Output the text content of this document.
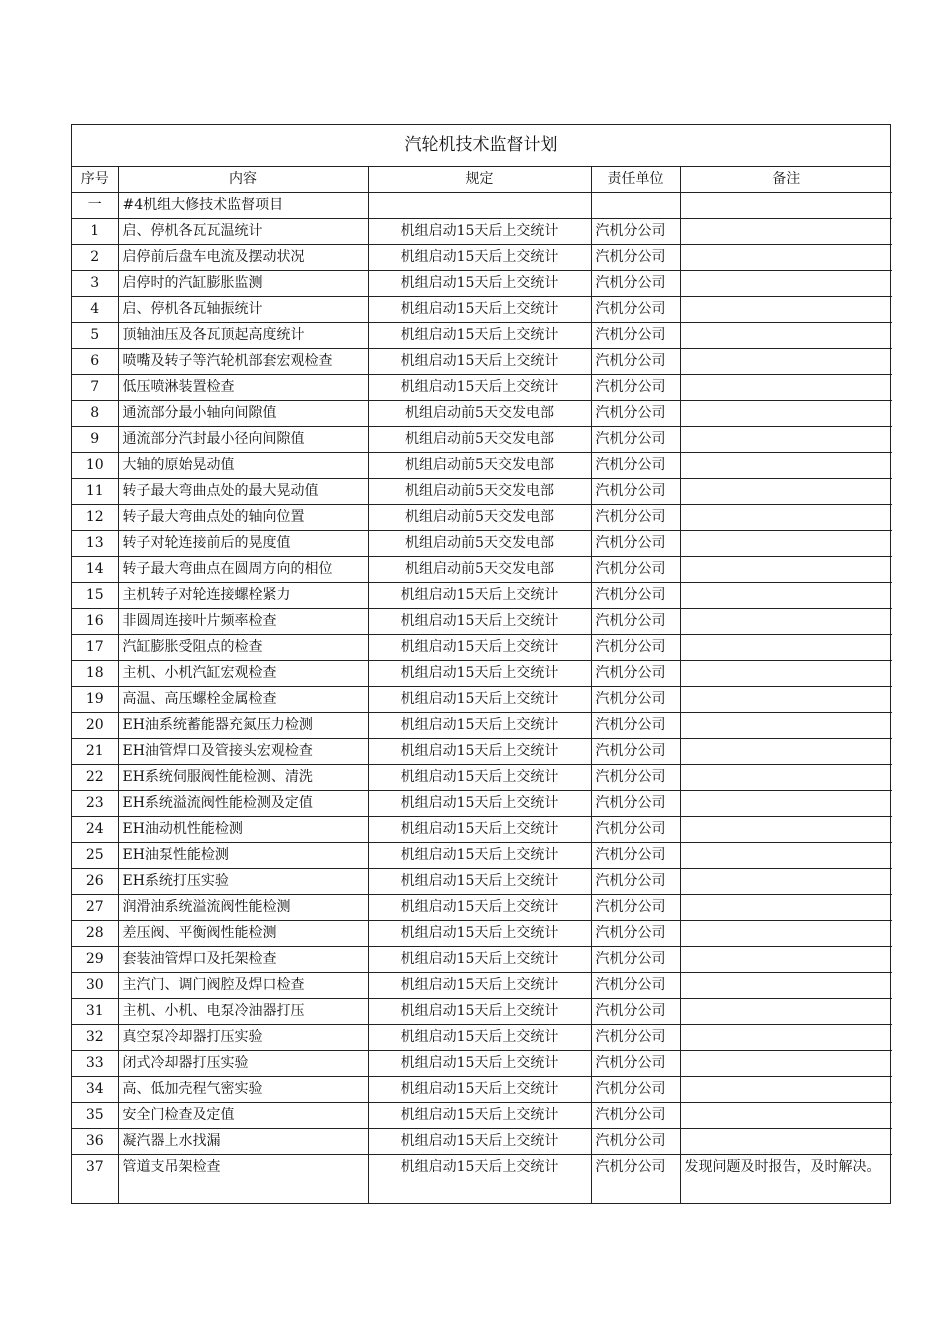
汽轮机技术监督计划
序号	内容	规定	责任单位	备注
一	#4机组大修技术监督项目			
1	启、停机各瓦瓦温统计	机组启动15天后上交统计	汽机分公司	
2	启停前后盘车电流及摆动状况	机组启动15天后上交统计	汽机分公司	
3	启停时的汽缸膨胀监测	机组启动15天后上交统计	汽机分公司	
4	启、停机各瓦轴振统计	机组启动15天后上交统计	汽机分公司	
5	顶轴油压及各瓦顶起高度统计	机组启动15天后上交统计	汽机分公司	
6	喷嘴及转子等汽轮机部套宏观检查	机组启动15天后上交统计	汽机分公司	
7	低压喷淋装置检查	机组启动15天后上交统计	汽机分公司	
8	通流部分最小轴向间隙值	机组启动前5天交发电部	汽机分公司	
9	通流部分汽封最小径向间隙值	机组启动前5天交发电部	汽机分公司	
10	大轴的原始晃动值	机组启动前5天交发电部	汽机分公司	
11	转子最大弯曲点处的最大晃动值	机组启动前5天交发电部	汽机分公司	
12	转子最大弯曲点处的轴向位置	机组启动前5天交发电部	汽机分公司	
13	转子对轮连接前后的晃度值	机组启动前5天交发电部	汽机分公司	
14	转子最大弯曲点在圆周方向的相位	机组启动前5天交发电部	汽机分公司	
15	主机转子对轮连接螺栓紧力	机组启动15天后上交统计	汽机分公司	
16	非圆周连接叶片频率检查	机组启动15天后上交统计	汽机分公司	
17	汽缸膨胀受阻点的检查	机组启动15天后上交统计	汽机分公司	
18	主机、小机汽缸宏观检查	机组启动15天后上交统计	汽机分公司	
19	高温、高压螺栓金属检查	机组启动15天后上交统计	汽机分公司	
20	EH油系统蓄能器充氮压力检测	机组启动15天后上交统计	汽机分公司	
21	EH油管焊口及管接头宏观检查	机组启动15天后上交统计	汽机分公司	
22	EH系统伺服阀性能检测、清洗	机组启动15天后上交统计	汽机分公司	
23	EH系统溢流阀性能检测及定值	机组启动15天后上交统计	汽机分公司	
24	EH油动机性能检测	机组启动15天后上交统计	汽机分公司	
25	EH油泵性能检测	机组启动15天后上交统计	汽机分公司	
26	EH系统打压实验	机组启动15天后上交统计	汽机分公司	
27	润滑油系统溢流阀性能检测	机组启动15天后上交统计	汽机分公司	
28	差压阀、平衡阀性能检测	机组启动15天后上交统计	汽机分公司	
29	套装油管焊口及托架检查	机组启动15天后上交统计	汽机分公司	
30	主汽门、调门阀腔及焊口检查	机组启动15天后上交统计	汽机分公司	
31	主机、小机、电泵冷油器打压	机组启动15天后上交统计	汽机分公司	
32	真空泵冷却器打压实验	机组启动15天后上交统计	汽机分公司	
33	闭式冷却器打压实验	机组启动15天后上交统计	汽机分公司	
34	高、低加壳程气密实验	机组启动15天后上交统计	汽机分公司	
35	安全门检查及定值	机组启动15天后上交统计	汽机分公司	
36	凝汽器上水找漏	机组启动15天后上交统计	汽机分公司	
37	管道支吊架检查	机组启动15天后上交统计	汽机分公司	发现问题及时报告，及时解决。
